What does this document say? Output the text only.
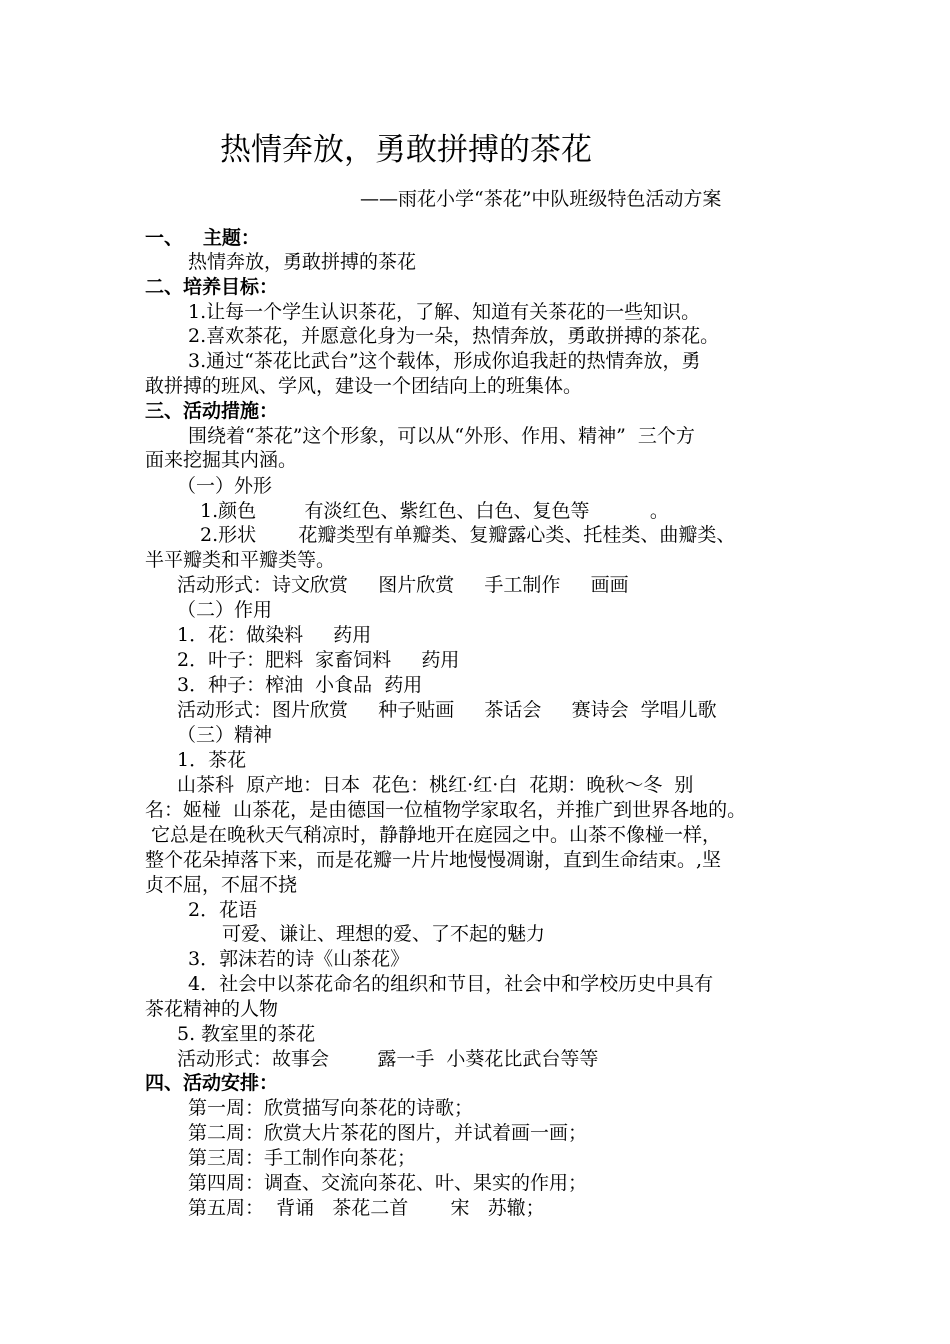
热情奔放，勇敢拼搏的茶花
——雨花小学“茶花”中队班级特色活动方案
一、   主题：
热情奔放，勇敢拼搏的茶花
二、培养目标：
1.让每一个学生认识茶花，了解、知道有关茶花的一些知识。
2.喜欢茶花，并愿意化身为一朵，热情奔放，勇敢拼搏的茶花。
3.通过“茶花比武台”这个载体，形成你追我赶的热情奔放，勇
敢拼搏的班风、学风，建设一个团结向上的班集体。
三、活动措施：
围绕着“茶花”这个形象，可以从“外形、作用、精神”  三个方
面来挖掘其内涵。
（一）外形
1.颜色        有淡红色、紫红色、白色、复色等          。
2.形状       花瓣类型有单瓣类、复瓣露心类、托桂类、曲瓣类、
半平瓣类和平瓣类等。
活动形式：诗文欣赏     图片欣赏     手工制作     画画
（二）作用
1．花：做染料     药用
2．叶子：肥料  家畜饲料     药用
3．种子：榨油  小食品  药用
活动形式：图片欣赏     种子贴画     茶话会     赛诗会  学唱儿歌
（三）精神
1．茶花
山茶科  原产地：日本  花色：桃红·红·白  花期：晚秋～冬  别
名：姬椪  山茶花，是由德国一位植物学家取名，并推广到世界各地的。
它总是在晚秋天气稍凉时，静静地开在庭园之中。山茶不像椪一样，
整个花朵掉落下来，而是花瓣一片片地慢慢凋谢，直到生命结束。,坚
贞不屈，不屈不挠
2．花语
可爱、谦让、理想的爱、了不起的魅力
3．郭沫若的诗《山茶花》
4．社会中以茶花命名的组织和节目，社会中和学校历史中具有
茶花精神的人物
5. 教室里的茶花
活动形式：故事会        露一手  小葵花比武台等等
四、活动安排：
第一周：欣赏描写向茶花的诗歌；
第二周：欣赏大片茶花的图片，并试着画一画；
第三周：手工制作向茶花；
第四周：调查、交流向茶花、叶、果实的作用；
第五周：  背诵   茶花二首       宋   苏辙；
